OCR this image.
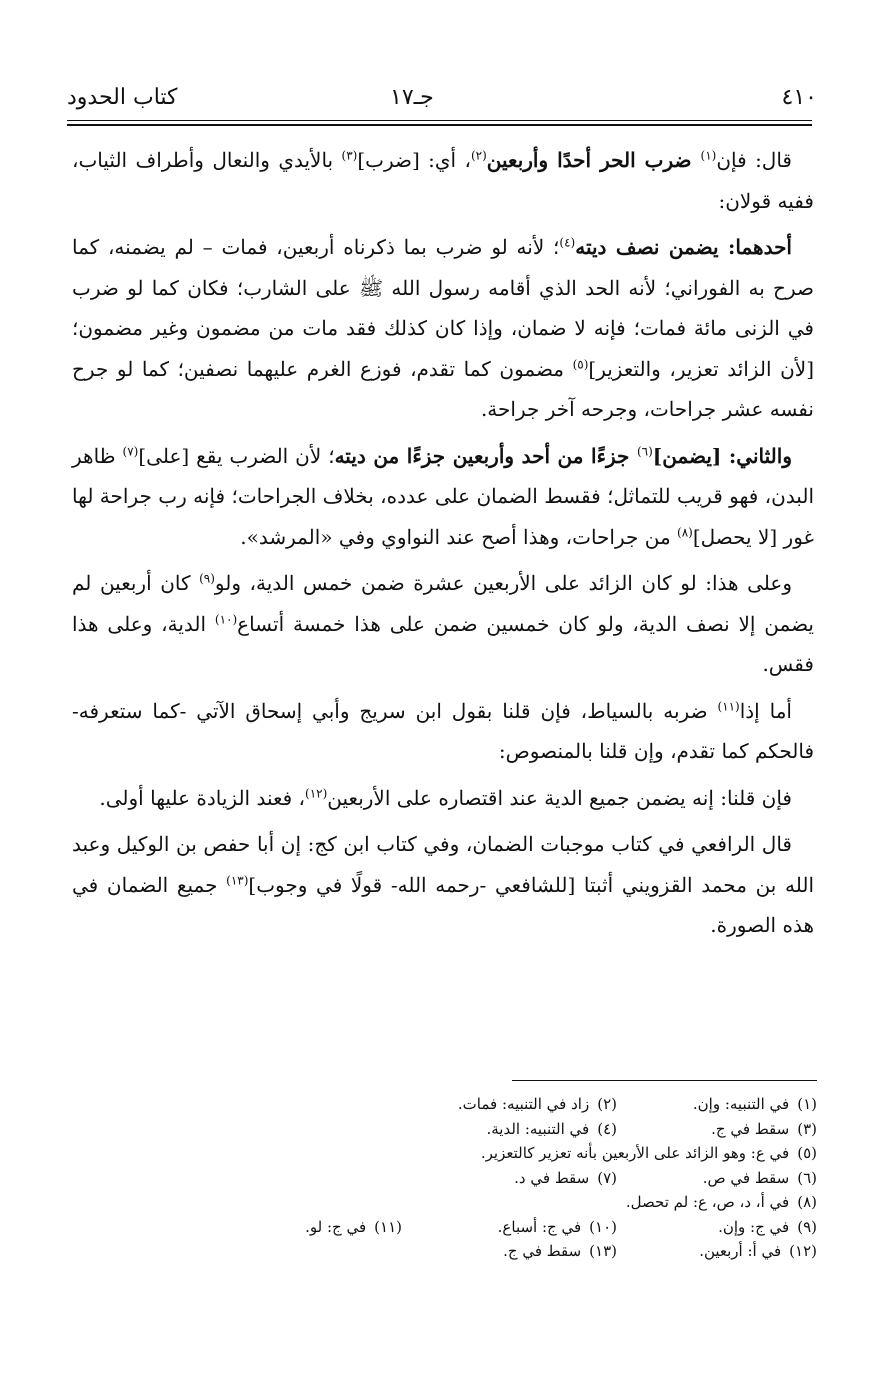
٤١٠
جـ١٧
كتاب الحدود

قال: فإن$^{(١)}$ ضرب الحر أحدًا وأربعين$^{(٢)}$، أي: [ضرب]$^{(٣)}$ بالأيدي والنعال وأطراف الثياب، ففيه قولان:

أحدهما: يضمن نصف ديته$^{(٤)}$؛ لأنه لو ضرب بما ذكرناه أربعين، فمات – لم يضمنه، كما صرح به الفوراني؛ لأنه الحد الذي أقامه رسول الله ﷺ على الشارب؛ فكان كما لو ضرب في الزنى مائة فمات؛ فإنه لا ضمان، وإذا كان كذلك فقد مات من مضمون وغير مضمون؛ [لأن الزائد تعزير، والتعزير]$^{(٥)}$ مضمون كما تقدم، فوزع الغرم عليهما نصفين؛ كما لو جرح نفسه عشر جراحات، وجرحه آخر جراحة.

والثاني: [يضمن]$^{(٦)}$ جزءًا من أحد وأربعين جزءًا من ديته؛ لأن الضرب يقع [على]$^{(٧)}$ ظاهر البدن، فهو قريب للتماثل؛ فقسط الضمان على عدده، بخلاف الجراحات؛ فإنه رب جراحة لها غور [لا يحصل]$^{(٨)}$ من جراحات، وهذا أصح عند النواوي وفي «المرشد».

وعلى هذا: لو كان الزائد على الأربعين عشرة ضمن خمس الدية، ولو$^{(٩)}$ كان أربعين لم يضمن إلا نصف الدية، ولو كان خمسين ضمن على هذا خمسة أتساع$^{(١٠)}$ الدية، وعلى هذا فقس.

أما إذا$^{(١١)}$ ضربه بالسياط، فإن قلنا بقول ابن سريج وأبي إسحاق الآتي -كما ستعرفه- فالحكم كما تقدم، وإن قلنا بالمنصوص:

فإن قلنا: إنه يضمن جميع الدية عند اقتصاره على الأربعين$^{(١٢)}$، فعند الزيادة عليها أولى.

قال الرافعي في كتاب موجبات الضمان، وفي كتاب ابن كج: إن أبا حفص بن الوكيل وعبد الله بن محمد القزويني أثبتا [للشافعي -رحمه الله- قولًا في وجوب]$^{(١٣)}$ جميع الضمان في هذه الصورة.

(١)في التنبيه: وإن.
(٢)زاد في التنبيه: فمات.
(٣)سقط في ج.
(٤)في التنبيه: الدية.
(٥)في ع: وهو الزائد على الأربعين بأنه تعزير كالتعزير.
(٦)سقط في ص.
(٧)سقط في د.
(٨)في أ، د، ص، ع: لم تحصل.
(٩)في ج: وإن.
(١٠)في ج: أسباع.
(١١)في ج: لو.
(١٢)في أ: أربعين.
(١٣)سقط في ج.
